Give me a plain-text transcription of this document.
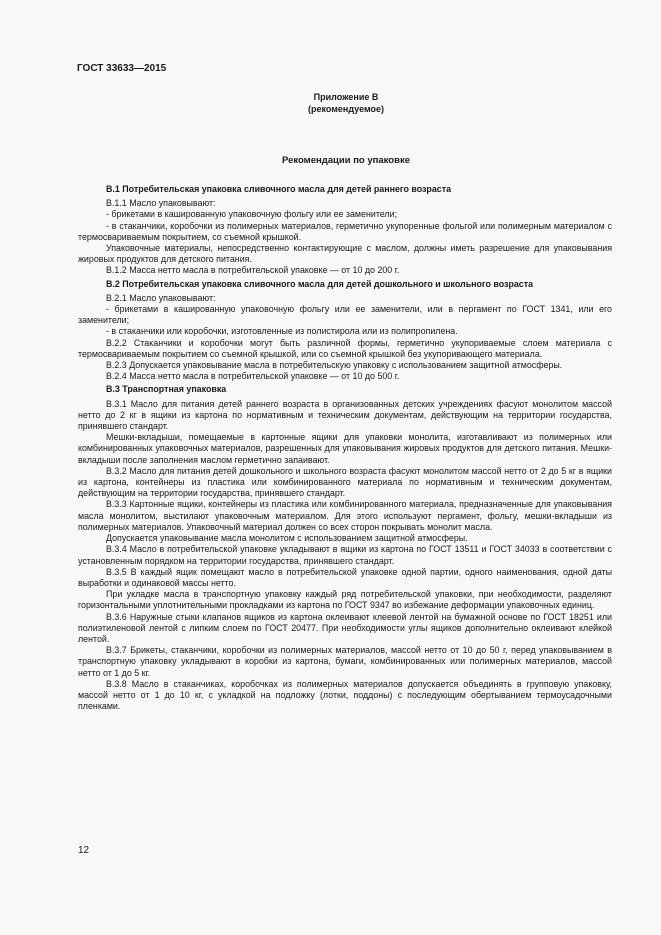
ГОСТ 33633—2015
Приложение В
(рекомендуемое)
Рекомендации по упаковке
В.1 Потребительская упаковка сливочного масла для детей раннего возраста

В.1.1 Масло упаковывают:

- брикетами в кашированную упаковочную фольгу или ее заменители;

- в стаканчики, коробочки из полимерных материалов, герметично укупоренные фольгой или полимерным материалом с термосвариваемым покрытием, со съемной крышкой.

Упаковочные материалы, непосредственно контактирующие с маслом, должны иметь разрешение для упаковывания жировых продуктов для детского питания.

В.1.2 Масса нетто масла в потребительской упаковке — от 10 до 200 г.

В.2 Потребительская упаковка сливочного масла для детей дошкольного и школьного возраста

В.2.1 Масло упаковывают:

- брикетами в кашированную упаковочную фольгу или ее заменители, или в пергамент по ГОСТ 1341, или его заменители;

- в стаканчики или коробочки, изготовленные из полистирола или из полипропилена.

В.2.2 Стаканчики и коробочки могут быть различной формы, герметично укупориваемые слоем материала с термосвариваемым покрытием со съемной крышкой, или со съемной крышкой без укупоривающего материала.

В.2.3 Допускается упаковывание масла в потребительскую упаковку с использованием защитной атмосферы.

В.2.4 Масса нетто масла в потребительской упаковке — от 10 до 500 г.

В.3 Транспортная упаковка

В.3.1 Масло для питания детей раннего возраста в организованных детских учреждениях фасуют монолитом массой нетто до 2 кг в ящики из картона по нормативным и техническим документам, действующим на территории государства, принявшего стандарт.

Мешки-вкладыши, помещаемые в картонные ящики для упаковки монолита, изготавливают из полимерных или комбинированных упаковочных материалов, разрешенных для упаковывания жировых продуктов для детского питания. Мешки-вкладыши после заполнения маслом герметично запаивают.

В.3.2 Масло для питания детей дошкольного и школьного возраста фасуют монолитом массой нетто от 2 до 5 кг в ящики из картона, контейнеры из пластика или комбинированного материала по нормативным и техническим документам, действующим на территории государства, принявшего стандарт.

В.3.3 Картонные ящики, контейнеры из пластика или комбинированного материала, предназначенные для упаковывания масла монолитом, выстилают упаковочным материалом. Для этого используют пергамент, фольгу, мешки-вкладыши из полимерных материалов. Упаковочный материал должен со всех сторон покрывать монолит масла.

Допускается упаковывание масла монолитом с использованием защитной атмосферы.

В.3.4 Масло в потребительской упаковке укладывают в ящики из картона по ГОСТ 13511 и ГОСТ 34033 в соответствии с установленным порядком на территории государства, принявшего стандарт.

В.3.5 В каждый ящик помещают масло в потребительской упаковке одной партии, одного наименования, одной даты выработки и одинаковой массы нетто.

При укладке масла в транспортную упаковку каждый ряд потребительской упаковки, при необходимости, разделяют горизонтальными уплотнительными прокладками из картона по ГОСТ 9347 во избежание деформации упаковочных единиц.

В.3.6 Наружные стыки клапанов ящиков из картона оклеивают клеевой лентой на бумажной основе по ГОСТ 18251 или полиэтиленовой лентой с липким слоем по ГОСТ 20477. При необходимости углы ящиков дополнительно оклеивают клейкой лентой.

В.3.7 Брикеты, стаканчики, коробочки из полимерных материалов, массой нетто от 10 до 50 г, перед упаковыванием в транспортную упаковку укладывают в коробки из картона, бумаги, комбинированных или полимерных материалов, массой нетто от 1 до 5 кг.

В.3.8 Масло в стаканчиках, коробочках из полимерных материалов допускается объединять в групповую упаковку, массой нетто от 1 до 10 кг, с укладкой на подложку (лотки, поддоны) с последующим обертыванием термоусадочными пленками.

12
